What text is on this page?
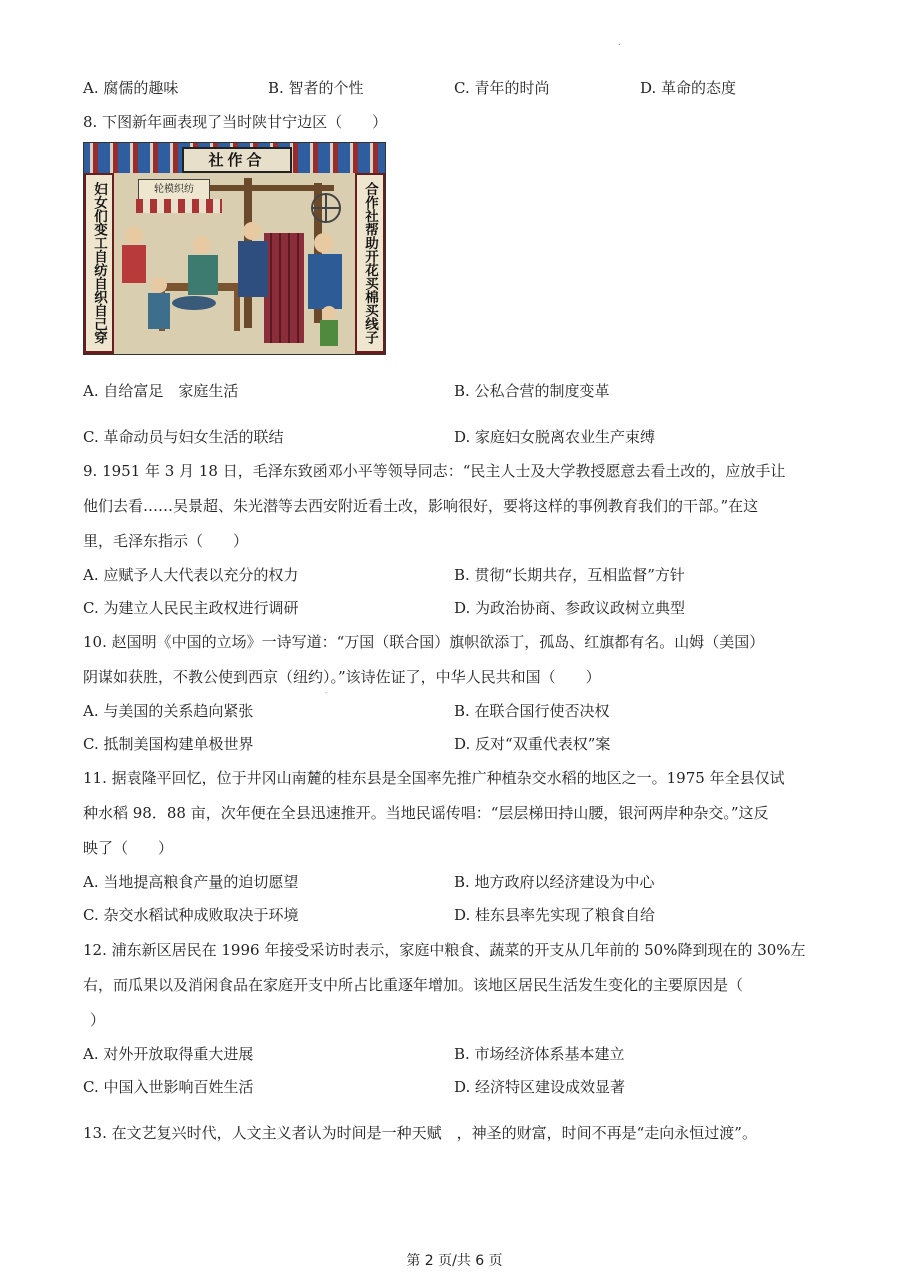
.
A. 腐儒的趣味	B. 智者的个性	C. 青年的时尚	D. 革命的态度
8. 下图新年画表现了当时陕甘宁边区（　　）
社作合
妇女们变工自纺自织自己穿	合作社帮助开花买棉买线子
轮模织纺
A. 自给富足　家庭生活	B. 公私合营的制度变革
C. 革命动员与妇女生活的联结	D. 家庭妇女脱离农业生产束缚
9. 1951 年 3 月 18 日，毛泽东致函邓小平等领导同志：“民主人士及大学教授愿意去看土改的，应放手让
他们去看……吴景超、朱光潜等去西安附近看土改，影响很好，要将这样的事例教育我们的干部。”在这
里，毛泽东指示（　　）
A. 应赋予人大代表以充分的权力	B. 贯彻“长期共存，互相监督”方针
C. 为建立人民民主政权进行调研	D. 为政治协商、参政议政树立典型
10. 赵国明《中国的立场》一诗写道：“万国（联合国）旗帜欲添丁，孤岛、红旗都有名。山姆（美国）
阴谋如获胜，不教公使到西京（纽约）。”该诗佐证了，中华人民共和国（　　）
-
A. 与美国的关系趋向紧张	B. 在联合国行使否决权
C. 抵制美国构建单极世界	D. 反对“双重代表权”案
11. 据袁隆平回忆，位于井冈山南麓的桂东县是全国率先推广种植杂交水稻的地区之一。1975 年全县仅试
种水稻 98．88 亩，次年便在全县迅速推开。当地民谣传唱：“层层梯田持山腰，银河两岸种杂交。”这反
映了（　　）
A. 当地提高粮食产量的迫切愿望	B. 地方政府以经济建设为中心
C. 杂交水稻试种成败取决于环境	D. 桂东县率先实现了粮食自给
12. 浦东新区居民在 1996 年接受采访时表示，家庭中粮食、蔬菜的开支从几年前的 50%降到现在的 30%左
右，而瓜果以及消闲食品在家庭开支中所占比重逐年增加。该地区居民生活发生变化的主要原因是（
）
A. 对外开放取得重大进展	B. 市场经济体系基本建立
C. 中国入世影响百姓生活	D. 经济特区建设成效显著
13. 在文艺复兴时代，人文主义者认为时间是一种天赋　，神圣的财富，时间不再是“走向永恒过渡”。
第 2 页/共 6 页
